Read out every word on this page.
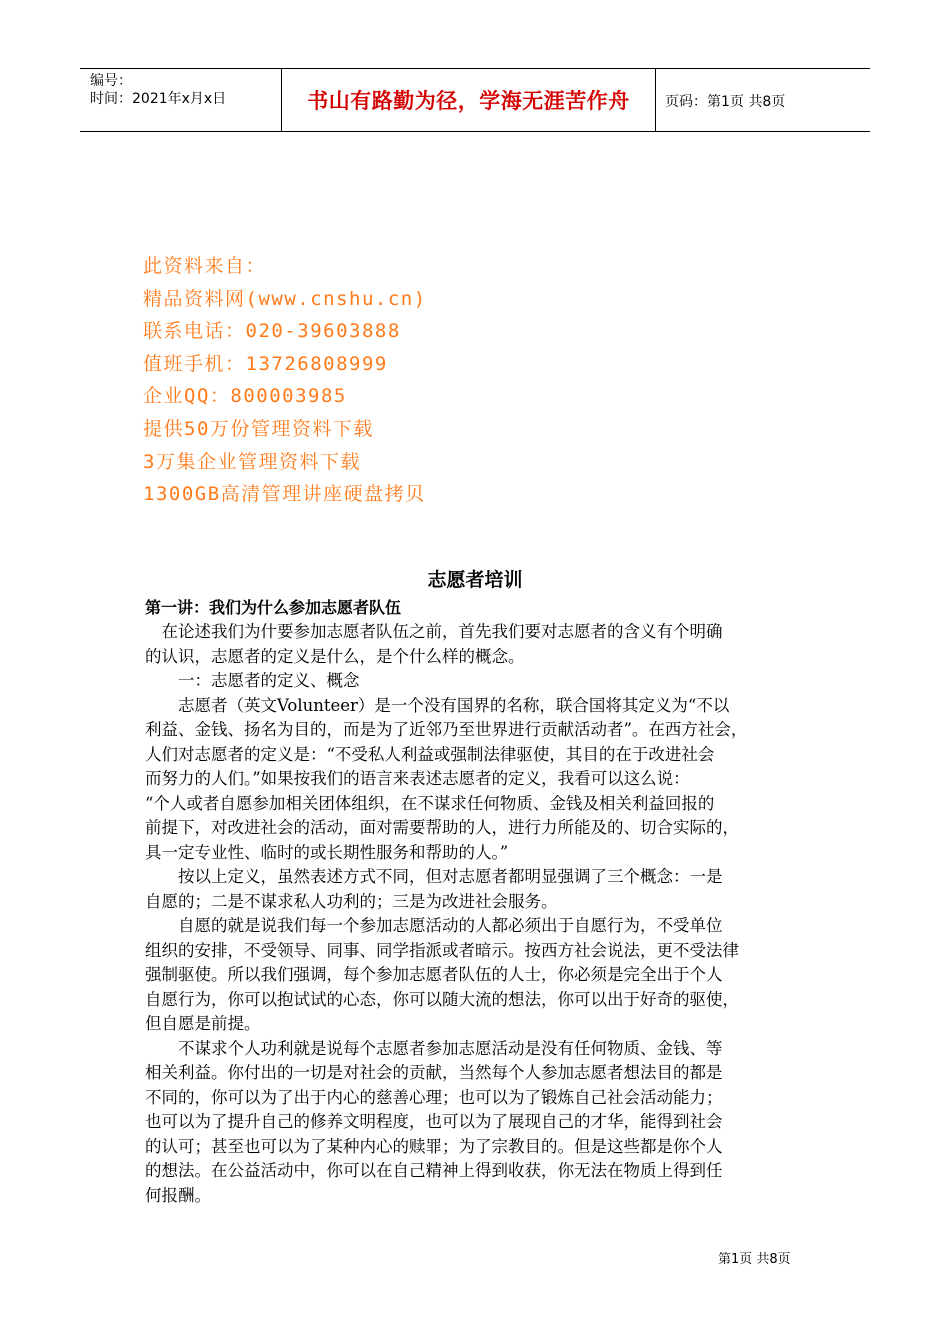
编号：
时间：2021年x月x日	书山有路勤为径，学海无涯苦作舟	页码：第1页 共8页
此资料来自：
精品资料网(www.cnshu.cn)
联系电话：020-39603888
值班手机：13726808999
企业QQ：800003985
提供50万份管理资料下载
3万集企业管理资料下载
1300GB高清管理讲座硬盘拷贝
志愿者培训
第一讲：我们为什么参加志愿者队伍
　在论述我们为什要参加志愿者队伍之前，首先我们要对志愿者的含义有个明确
的认识，志愿者的定义是什么，是个什么样的概念。
　　一：志愿者的定义、概念
　　志愿者（英文Volunteer）是一个没有国界的名称，联合国将其定义为“不以
利益、金钱、扬名为目的，而是为了近邻乃至世界进行贡献活动者”。在西方社会，
人们对志愿者的定义是：“不受私人利益或强制法律驱使，其目的在于改进社会
而努力的人们。”如果按我们的语言来表述志愿者的定义，我看可以这么说：
“个人或者自愿参加相关团体组织，在不谋求任何物质、金钱及相关利益回报的
前提下，对改进社会的活动，面对需要帮助的人，进行力所能及的、切合实际的，
具一定专业性、临时的或长期性服务和帮助的人。”
　　按以上定义，虽然表述方式不同，但对志愿者都明显强调了三个概念：一是
自愿的；二是不谋求私人功利的；三是为改进社会服务。
　　自愿的就是说我们每一个参加志愿活动的人都必须出于自愿行为，不受单位
组织的安排，不受领导、同事、同学指派或者暗示。按西方社会说法，更不受法律
强制驱使。所以我们强调，每个参加志愿者队伍的人士，你必须是完全出于个人
自愿行为，你可以抱试试的心态，你可以随大流的想法，你可以出于好奇的驱使，
但自愿是前提。
　　不谋求个人功利就是说每个志愿者参加志愿活动是没有任何物质、金钱、等
相关利益。你付出的一切是对社会的贡献，当然每个人参加志愿者想法目的都是
不同的，你可以为了出于内心的慈善心理；也可以为了锻炼自己社会活动能力；
也可以为了提升自己的修养文明程度，也可以为了展现自己的才华，能得到社会
的认可；甚至也可以为了某种内心的赎罪；为了宗教目的。但是这些都是你个人
的想法。在公益活动中，你可以在自己精神上得到收获，你无法在物质上得到任
何报酬。
第1页 共8页
